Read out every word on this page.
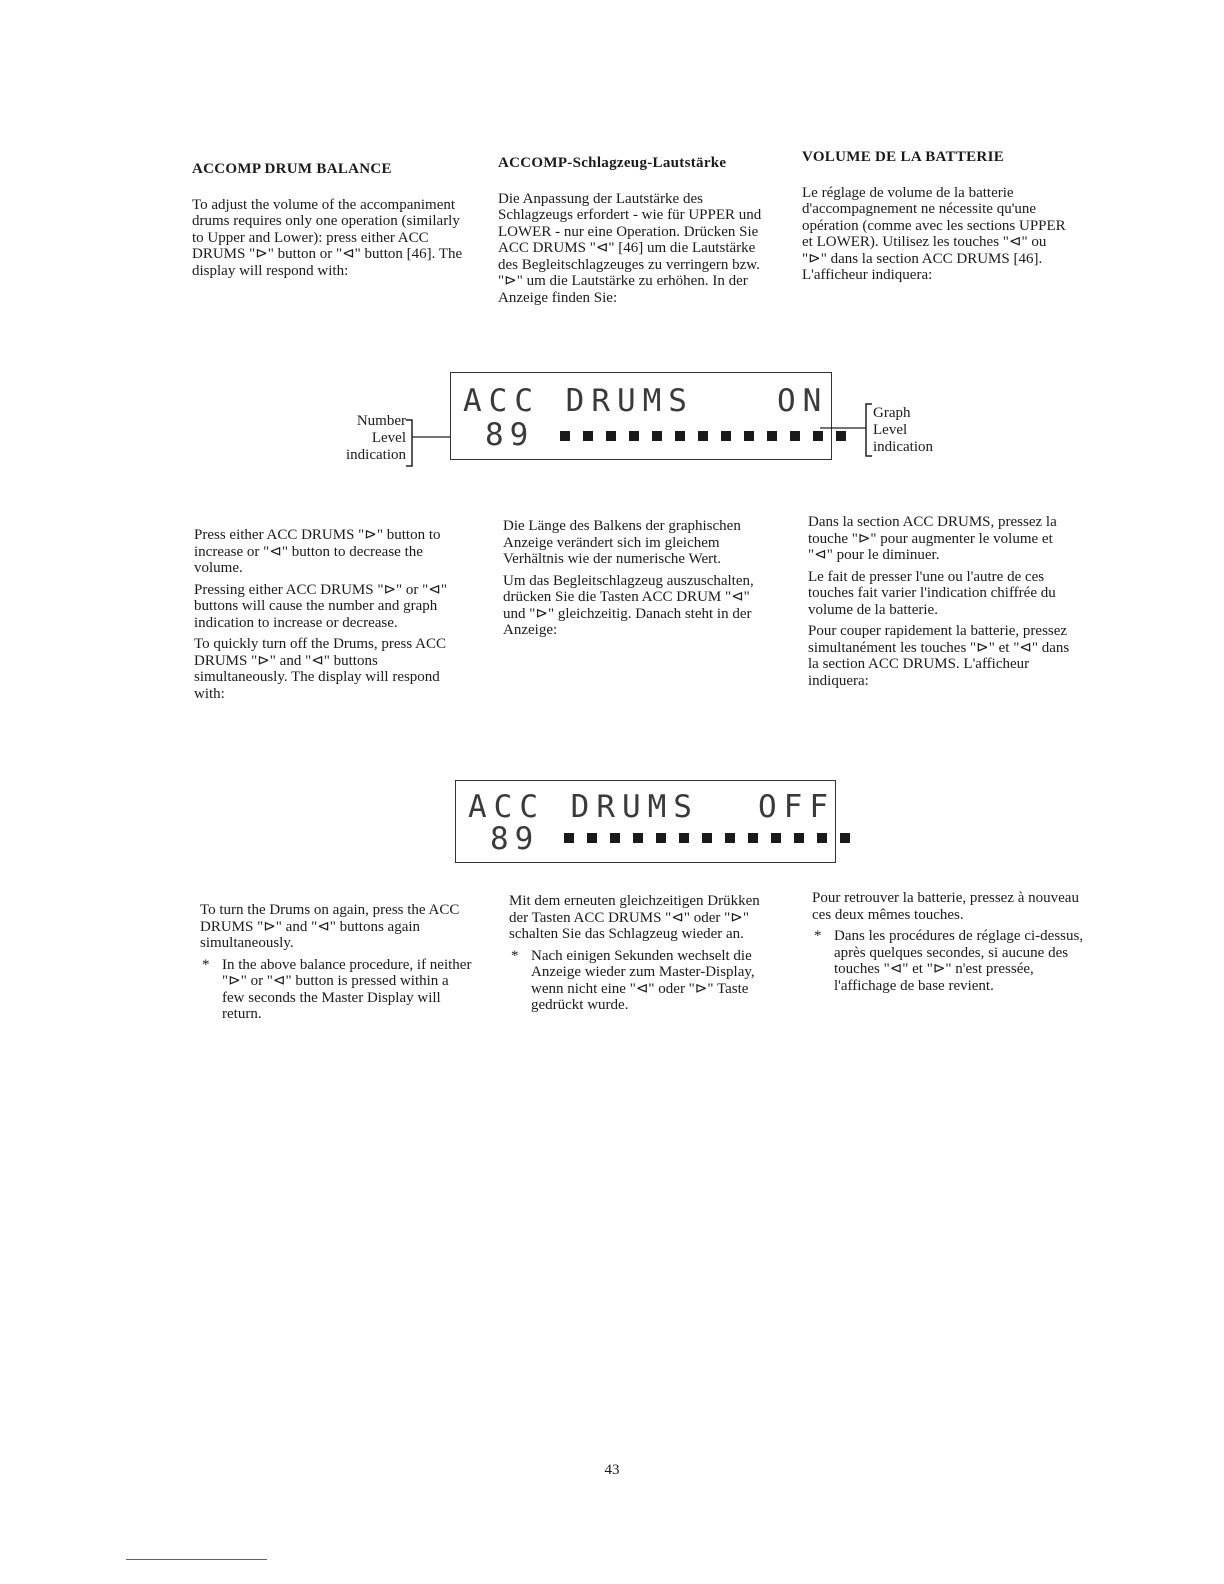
ACCOMP DRUM BALANCE

To adjust the volume of the accompaniment drums requires only one operation (similarly to Upper and Lower): press either ACC DRUMS "⊳" button or "⊲" button [46]. The display will respond with:

ACCOMP-Schlagzeug-Lautstärke

Die Anpassung der Lautstärke des Schlagzeugs erfordert - wie für UPPER und LOWER - nur eine Operation. Drücken Sie ACC DRUMS "⊲" [46] um die Lautstärke des Begleitschlagzeuges zu verringern bzw. "⊳" um die Lautstärke zu erhöhen. In der Anzeige finden Sie:

VOLUME DE LA BATTERIE

Le réglage de volume de la batterie d'accompagnement ne nécessite qu'une opération (comme avec les sections UPPER et LOWER). Utilisez les touches "⊲" ou "⊳" dans la section ACC DRUMS [46]. L'afficheur indiquera:

Number
Level
indication
ACC DRUMS	ON
89
Graph
Level
indication

Press either ACC DRUMS "⊳" button to increase or "⊲" button to decrease the volume.

Pressing either ACC DRUMS "⊳" or "⊲" buttons will cause the number and graph indication to increase or decrease.

To quickly turn off the Drums, press ACC DRUMS "⊳" and "⊲" buttons simultaneously. The display will respond with:

Die Länge des Balkens der graphischen Anzeige verändert sich im gleichem Verhältnis wie der numerische Wert.

Um das Begleitschlagzeug auszuschalten, drücken Sie die Tasten ACC DRUM "⊲" und "⊳" gleichzeitig. Danach steht in der Anzeige:

Dans la section ACC DRUMS, pressez la touche "⊳" pour augmenter le volume et "⊲" pour le diminuer.

Le fait de presser l'une ou l'autre de ces touches fait varier l'indication chiffrée du volume de la batterie.

Pour couper rapidement la batterie, pressez simultanément les touches "⊳" et "⊲" dans la section ACC DRUMS. L'afficheur indiquera:

ACC DRUMS OFF
89

To turn the Drums on again, press the ACC DRUMS "⊳" and "⊲" buttons again simultaneously.

* In the above balance procedure, if neither "⊳" or "⊲" button is pressed within a few seconds the Master Display will return.

Mit dem erneuten gleichzeitigen Drükken der Tasten ACC DRUMS "⊲" oder "⊳" schalten Sie das Schlagzeug wieder an.

* Nach einigen Sekunden wechselt die Anzeige wieder zum Master-Display, wenn nicht eine "⊲" oder "⊳" Taste gedrückt wurde.

Pour retrouver la batterie, pressez à nouveau ces deux mêmes touches.

* Dans les procédures de réglage ci-dessus, après quelques secondes, si aucune des touches "⊲" et "⊳" n'est pressée, l'affichage de base revient.

43
